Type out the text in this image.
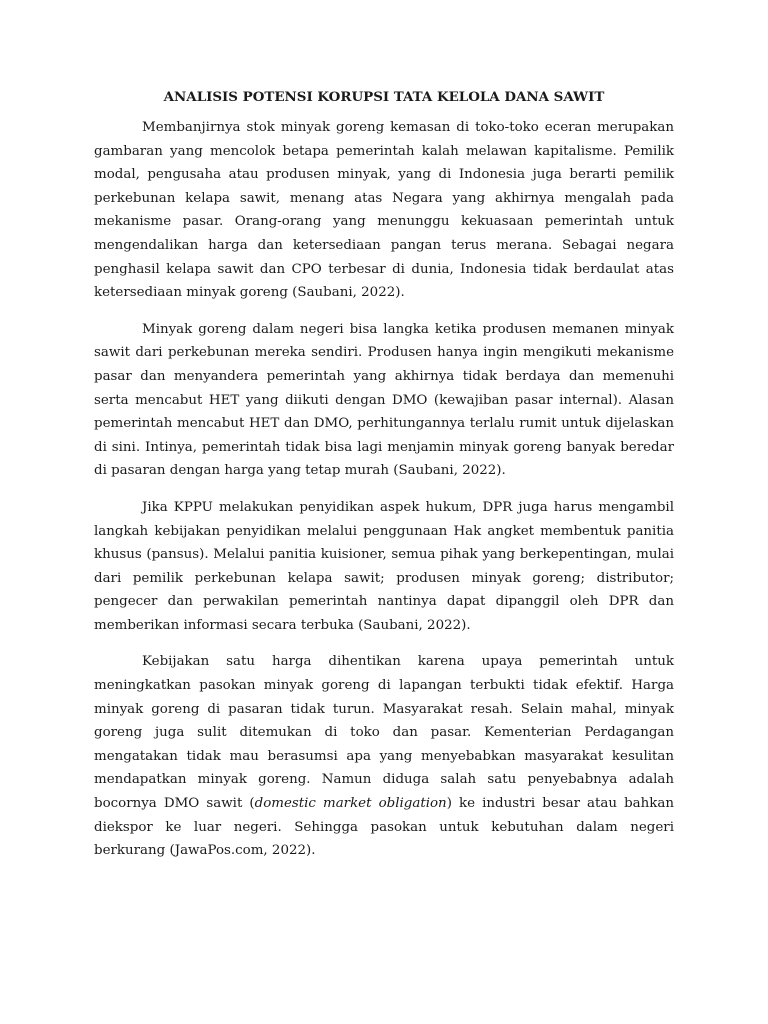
ANALISIS POTENSI KORUPSI TATA KELOLA DANA SAWIT

Membanjirnya stok minyak goreng kemasan di toko-toko eceran merupakan gambaran yang mencolok betapa pemerintah kalah melawan kapitalisme. Pemilik modal, pengusaha atau produsen minyak, yang di Indonesia juga berarti pemilik perkebunan kelapa sawit, menang atas Negara yang akhirnya mengalah pada mekanisme pasar. Orang-orang yang menunggu kekuasaan pemerintah untuk mengendalikan harga dan ketersediaan pangan terus merana. Sebagai negara penghasil kelapa sawit dan CPO terbesar di dunia, Indonesia tidak berdaulat atas ketersediaan minyak goreng (Saubani, 2022).

Minyak goreng dalam negeri bisa langka ketika produsen memanen minyak sawit dari perkebunan mereka sendiri. Produsen hanya ingin mengikuti mekanisme pasar dan menyandera pemerintah yang akhirnya tidak berdaya dan memenuhi serta mencabut HET yang diikuti dengan DMO (kewajiban pasar internal). Alasan pemerintah mencabut HET dan DMO, perhitungannya terlalu rumit untuk dijelaskan di sini. Intinya, pemerintah tidak bisa lagi menjamin minyak goreng banyak beredar di pasaran dengan harga yang tetap murah (Saubani, 2022).

Jika KPPU melakukan penyidikan aspek hukum, DPR juga harus mengambil langkah kebijakan penyidikan melalui penggunaan Hak angket membentuk panitia khusus (pansus). Melalui panitia kuisioner, semua pihak yang berkepentingan, mulai dari pemilik perkebunan kelapa sawit; produsen minyak goreng; distributor; pengecer dan perwakilan pemerintah nantinya dapat dipanggil oleh DPR dan memberikan informasi secara terbuka (Saubani, 2022).

Kebijakan satu harga dihentikan karena upaya pemerintah untuk meningkatkan pasokan minyak goreng di lapangan terbukti tidak efektif. Harga minyak goreng di pasaran tidak turun. Masyarakat resah. Selain mahal, minyak goreng juga sulit ditemukan di toko dan pasar. Kementerian Perdagangan mengatakan tidak mau berasumsi apa yang menyebabkan masyarakat kesulitan mendapatkan minyak goreng. Namun diduga salah satu penyebabnya adalah bocornya DMO sawit (domestic market obligation) ke industri besar atau bahkan diekspor ke luar negeri. Sehingga pasokan untuk kebutuhan dalam negeri berkurang (JawaPos.com, 2022).
